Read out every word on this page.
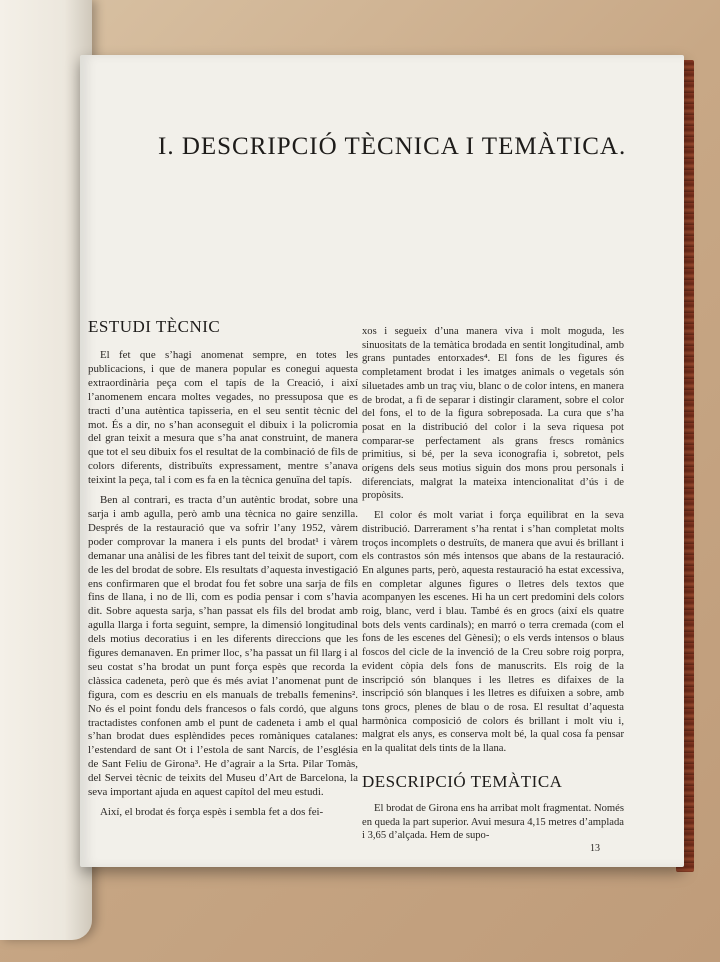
I. DESCRIPCIÓ TÈCNICA I TEMÀTICA.
ESTUDI TÈCNIC

El fet que s’hagi anomenat sempre, en totes les publicacions, i que de manera popular es conegui aquesta extraordinària peça com el tapís de la Creació, i així l’anomenem encara moltes vegades, no pressuposa que es tracti d’una autèntica tapisseria, en el seu sentit tècnic del mot. És a dir, no s’han aconseguit el dibuix i la policromia del gran teixit a mesura que s’ha anat construint, de manera que tot el seu dibuix fos el resultat de la combinació de fils de colors diferents, distribuïts expressament, mentre s’anava teixint la peça, tal i com es fa en la tècnica genuïna del tapís.

Ben al contrari, es tracta d’un autèntic brodat, sobre una sarja i amb agulla, però amb una tècnica no gaire senzilla. Després de la restauració que va sofrir l’any 1952, vàrem poder comprovar la manera i els punts del brodat¹ i vàrem demanar una anàlisi de les fibres tant del teixit de suport, com de les del brodat de sobre. Els resultats d’aquesta investigació ens confirmaren que el brodat fou fet sobre una sarja de fils fins de llana, i no de lli, com es podia pensar i com s’havia dit. Sobre aquesta sarja, s’han passat els fils del brodat amb agulla llarga i forta seguint, sempre, la dimensió longitudinal dels motius decoratius i en les diferents direccions que les figures demanaven. En primer lloc, s’ha passat un fil llarg i al seu costat s’ha brodat un punt força espès que recorda la clàssica cadeneta, però que és més aviat l’anomenat punt de figura, com es descriu en els manuals de treballs femenins². No és el point fondu dels francesos o fals cordó, que alguns tractadistes confonen amb el punt de cadeneta i amb el qual s’han brodat dues esplèndides peces romàniques catalanes: l’estendard de sant Ot i l’estola de sant Narcís, de l’església de Sant Feliu de Girona³. He d’agrair a la Srta. Pilar Tomàs, del Servei tècnic de teixits del Museu d’Art de Barcelona, la seva important ajuda en aquest capítol del meu estudi.

Així, el brodat és força espès i sembla fet a dos fei-

xos i segueix d’una manera viva i molt moguda, les sinuositats de la temàtica brodada en sentit longitudinal, amb grans puntades entorxades⁴. El fons de les figures és completament brodat i les imatges animals o vegetals són siluetades amb un traç viu, blanc o de color intens, en manera de brodat, a fi de separar i distingir clarament, sobre el color del fons, el to de la figura sobreposada. La cura que s’ha posat en la distribució del color i la seva riquesa pot comparar-se perfectament als grans frescs romànics primitius, si bé, per la seva iconografia i, sobretot, pels orígens dels seus motius siguin dos mons prou personals i diferenciats, malgrat la mateixa intencionalitat d’ús i de propòsits.

El color és molt variat i força equilibrat en la seva distribució. Darrerament s’ha rentat i s’han completat molts troços incomplets o destruïts, de manera que avui és brillant i els contrastos són més intensos que abans de la restauració. En algunes parts, però, aquesta restauració ha estat excessiva, en completar algunes figures o lletres dels textos que acompanyen les escenes. Hi ha un cert predomini dels colors roig, blanc, verd i blau. També és en grocs (així els quatre bots dels vents cardinals); en marró o terra cremada (com el fons de les escenes del Gènesi); o els verds intensos o blaus foscos del cicle de la invenció de la Creu sobre roig porpra, evident còpia dels fons de manuscrits. Els roig de la inscripció són blanques i les lletres es difaixes de la inscripció són blanques i les lletres es difuixen a sobre, amb tons grocs, plenes de blau o de rosa. El resultat d’aquesta harmònica composició de colors és brillant i molt viu i, malgrat els anys, es conserva molt bé, la qual cosa fa pensar en la qualitat dels tints de la llana.

DESCRIPCIÓ TEMÀTICA

El brodat de Girona ens ha arribat molt fragmentat. Només en queda la part superior. Avui mesura 4,15 metres d’amplada i 3,65 d’alçada. Hem de supo-

13
